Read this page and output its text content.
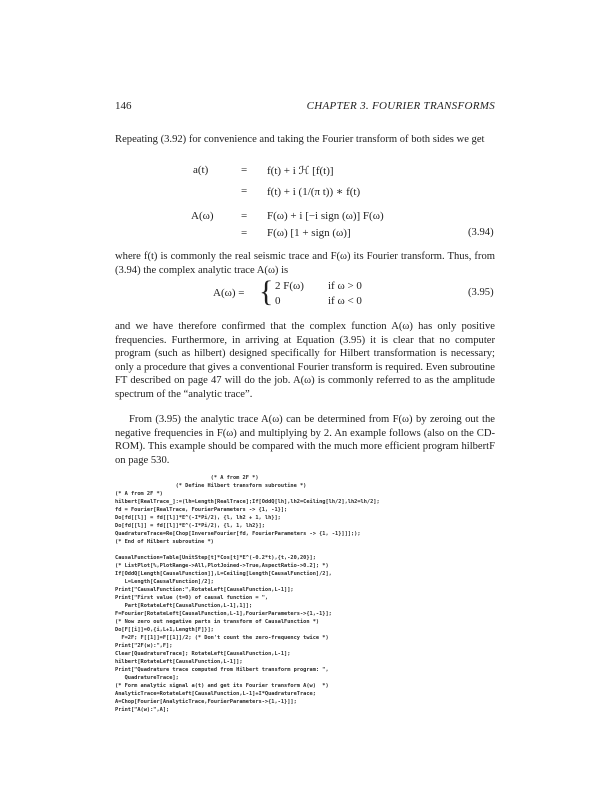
146	CHAPTER 3. FOURIER TRANSFORMS
Repeating (3.92) for convenience and taking the Fourier transform of both sides we get
a(t)	= f(t) + i ℋ [f(t)]
= f(t) + i (1/(π t)) ∗ f(t)
A(ω) = F(ω) + i [−i sign (ω)] F(ω)
= F(ω) [1 + sign (ω)]	(3.94)
where f(t) is commonly the real seismic trace and F(ω) its Fourier transform. Thus, from (3.94) the complex analytic trace A(ω) is
A(ω) = { 2 F(ω) if ω > 0
0	if ω < 0
(3.95)
and we have therefore confirmed that the complex function A(ω) has only positive frequencies. Furthermore, in arriving at Equation (3.95) it is clear that no computer program (such as hilbert) designed specifically for Hilbert transformation is necessary; only a procedure that gives a conventional Fourier transform is required. Even subroutine FT described on page 47 will do the job. A(ω) is commonly referred to as the amplitude spectrum of the “analytic trace”.
From (3.95) the analytic trace A(ω) can be determined from F(ω) by zeroing out the negative frequencies in F(ω) and multiplying by 2. An example follows (also on the CD-ROM). This example should be compared with the much more efficient program hilbertF on page 530.
(* A from 2F *)
(* Define Hilbert transform subroutine *)
(* A from 2F *)
hilbert[RealTrace_]:=(lh=Length[RealTrace];If[OddQ[lh],lh2=Ceiling[lh/2],lh2=lh/2];
fd = Fourier[RealTrace, FourierParameters -> {1, -1}];
Do[fd[[l]] = fd[[l]]*E^(-I*Pi/2), {l, lh2 + 1, lh}];
Do[fd[[l]] = fd[[l]]*E^(-I*Pi/2), {l, 1, lh2}];
QuadratureTrace=Re[Chop[InverseFourier[fd, FourierParameters -> {1, -1}]]];);
(* End of Hilbert subroutine *)
CausalFunction=Table[UnitStep[t]*Cos[t]*E^(-0.2*t),{t,-20,20}];
(* ListPlot[%,PlotRange->All,PlotJoined->True,AspectRatio->0.2]; *)
If[OddQ[Length[CausalFunction]],L=Ceiling[Length[CausalFunction]/2],
L=Length[CausalFunction]/2];
Print["CausalFunction:",RotateLeft[CausalFunction,L-1]];
Print["First value (t=0) of causal function = ",
Part[RotateLeft[CausalFunction,L-1],1]];
F=Fourier[RotateLeft[CausalFunction,L-1],FourierParameters->{1,-1}];
(* Now zero out negative parts in transform of CausalFunction *)
Do[F[[i]]=0,{i,L+1,Length[F]}];
F=2F; F[[1]]=F[[1]]/2; (* Don't count the zero-frequency twice *)
Print["2F(w):",F];
Clear[QuadratureTrace]; RotateLeft[CausalFunction,L-1];
hilbert[RotateLeft[CausalFunction,L-1]];
Print["Quadrature trace computed from Hilbert transform program: ",
QuadratureTrace];
(* Form analytic signal a(t) and get its Fourier transform A(w)  *)
AnalyticTrace=RotateLeft[CausalFunction,L-1]+I*QuadratureTrace;
A=Chop[Fourier[AnalyticTrace,FourierParameters->{1,-1}]];
Print["A(w):",A];
